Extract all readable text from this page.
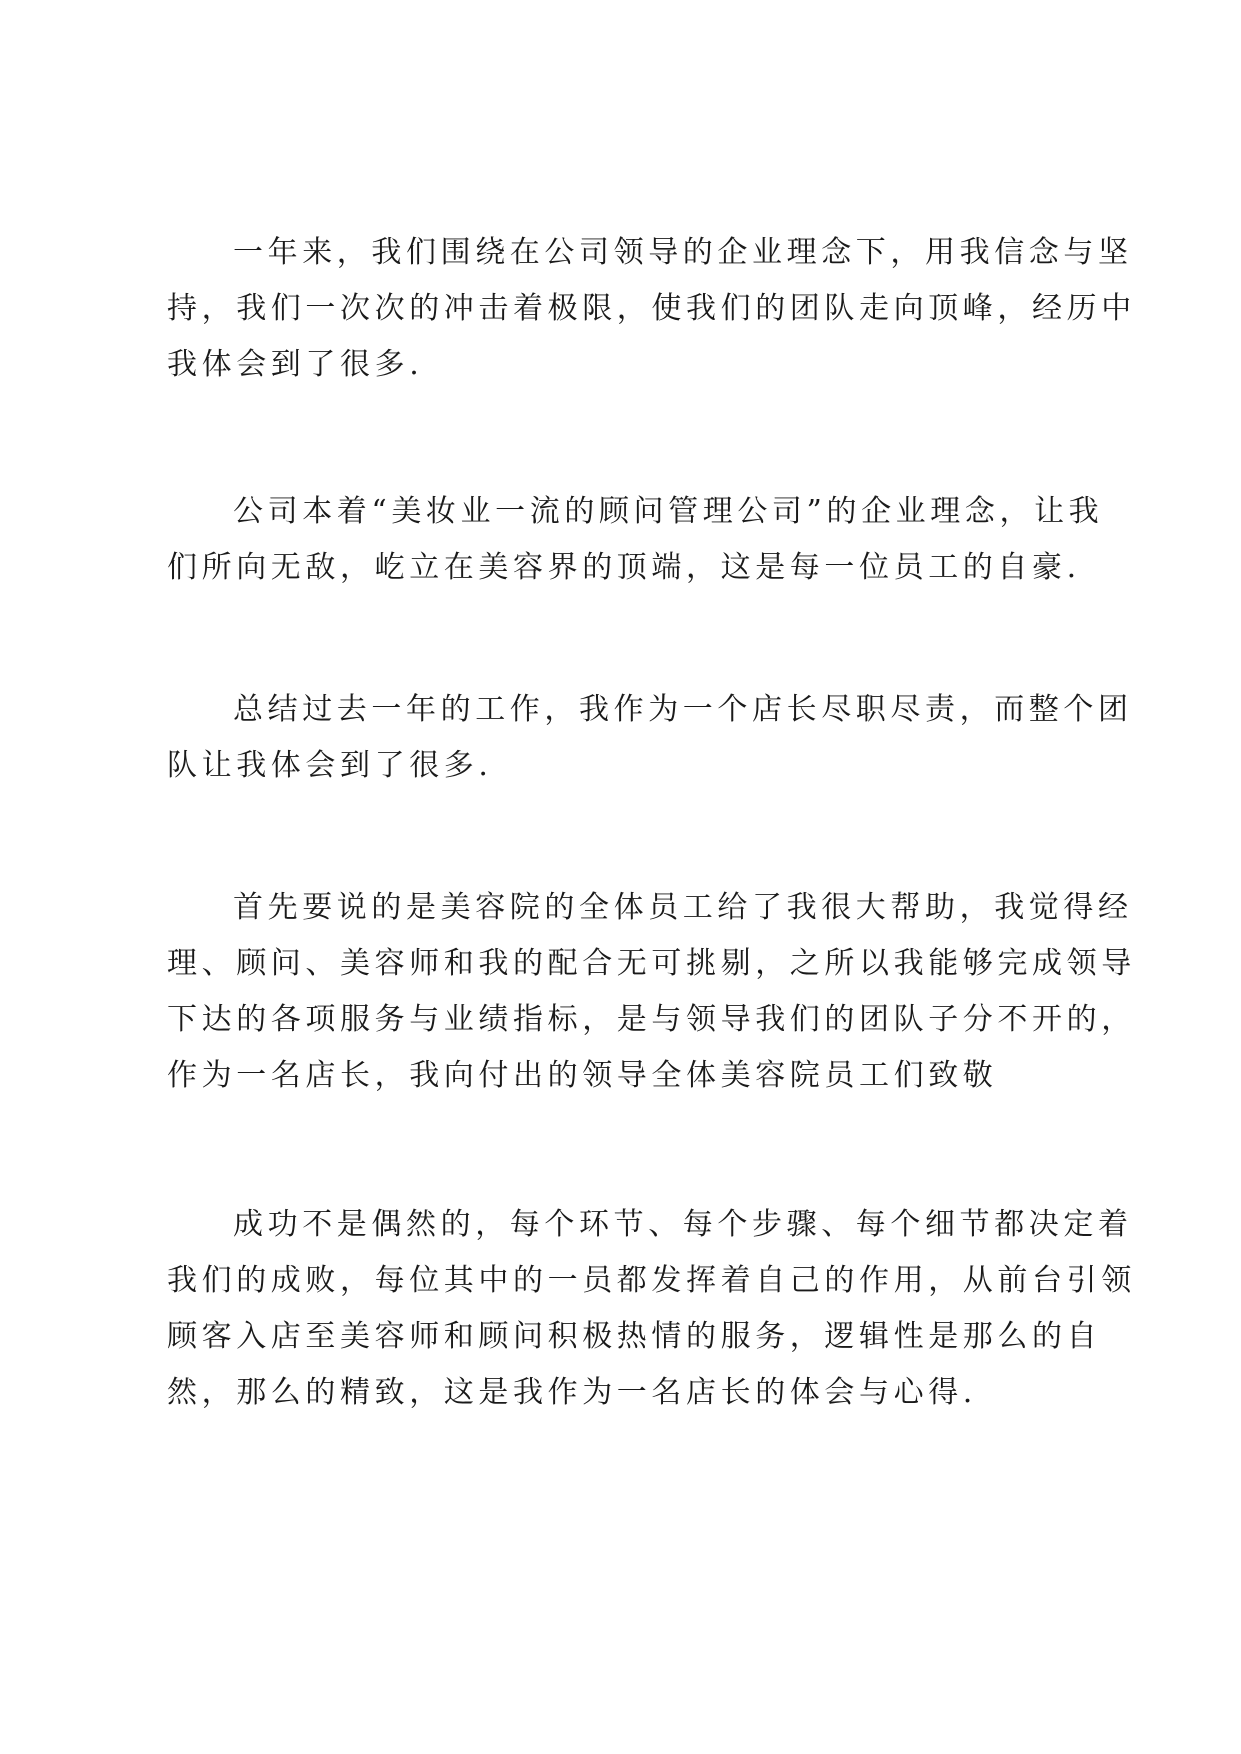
一年来，我们围绕在公司领导的企业理念下，用我信念与坚
持，我们一次次的冲击着极限，使我们的团队走向顶峰，经历中
我体会到了很多.
公司本着“美妆业一流的顾问管理公司”的企业理念，让我
们所向无敌，屹立在美容界的顶端，这是每一位员工的自豪.
总结过去一年的工作，我作为一个店长尽职尽责，而整个团
队让我体会到了很多.
首先要说的是美容院的全体员工给了我很大帮助，我觉得经
理、顾问、美容师和我的配合无可挑剔，之所以我能够完成领导
下达的各项服务与业绩指标，是与领导我们的团队子分不开的，
作为一名店长，我向付出的领导全体美容院员工们致敬
成功不是偶然的，每个环节、每个步骤、每个细节都决定着
我们的成败，每位其中的一员都发挥着自己的作用，从前台引领
顾客入店至美容师和顾问积极热情的服务，逻辑性是那么的自
然，那么的精致，这是我作为一名店长的体会与心得.
